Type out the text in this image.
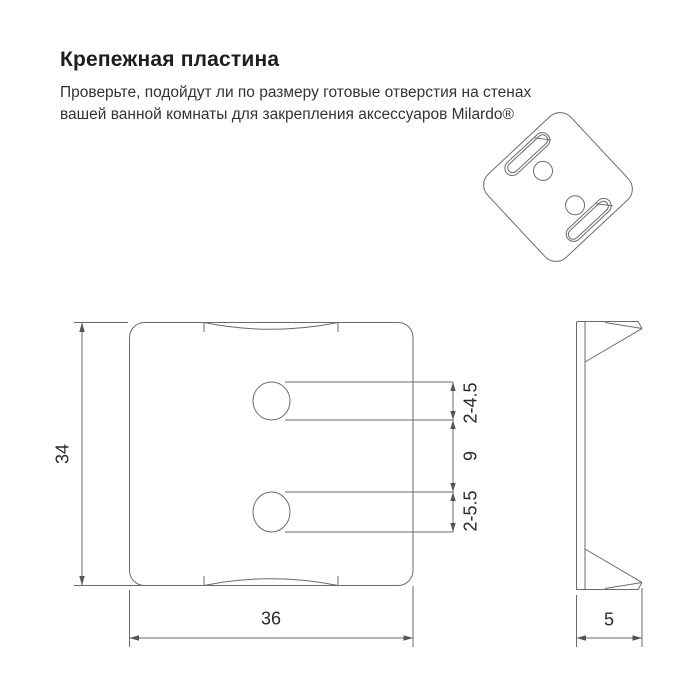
Крепежная пластина
Проверьте, подойдут ли по размеру готовые отверстия на стенах
вашей ванной комнаты для закрепления аксессуаров Milardo®
34
36
2-4.5
9
2-5.5
5
